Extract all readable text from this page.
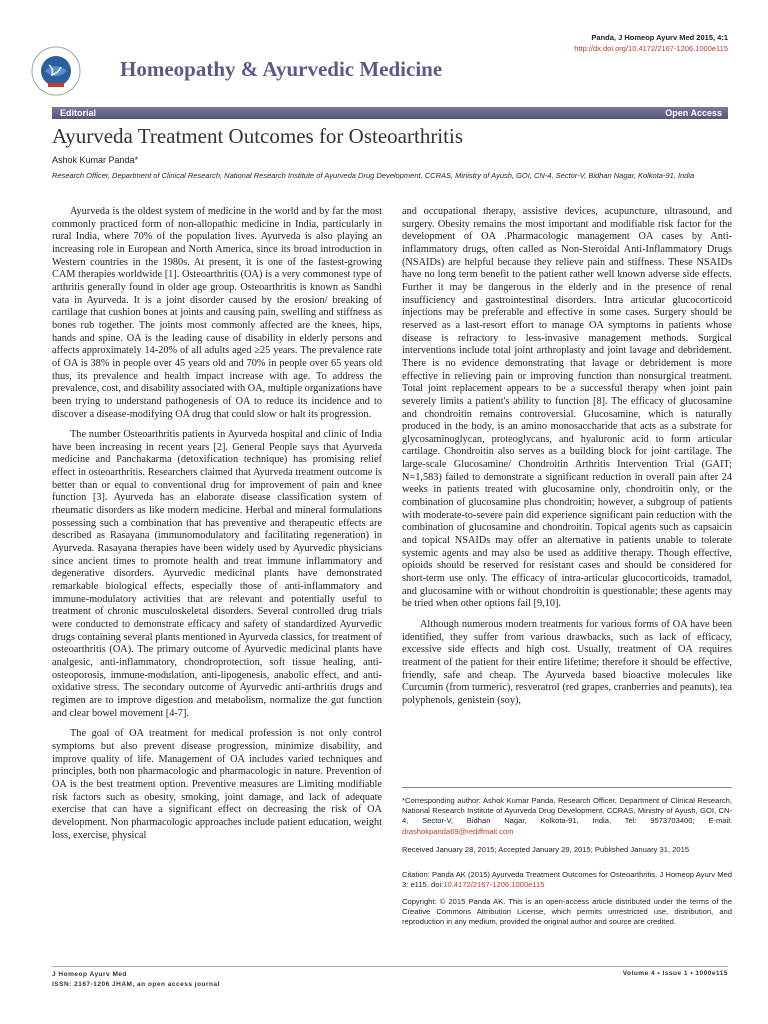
Panda, J Homeop Ayurv Med 2015, 4:1
http://dx.doi.org/10.4172/2167-1206.1000e115
Homeopathy & Ayurvedic Medicine
Editorial	Open Access
Ayurveda Treatment Outcomes for Osteoarthritis
Ashok Kumar Panda*
Research Officer, Department of Clinical Research, National Research Institute of Ayurveda Drug Development, CCRAS, Ministry of Ayush, GOI, CN-4, Sector-V, Bidhan Nagar, Kolkota-91, India

Ayurveda is the oldest system of medicine in the world and by far the most commonly practiced form of non-allopathic medicine in India, particularly in rural India, where 70% of the population lives. Ayurveda is also playing an increasing role in European and North America, since its broad introduction in Western countries in the 1980s. At present, it is one of the fastest-growing CAM therapies worldwide [1]. Osteoarthritis (OA) is a very commonest type of arthritis generally found in older age group. Osteoarthritis is known as Sandhi vata in Ayurveda. It is a joint disorder caused by the erosion/ breaking of cartilage that cushion bones at joints and causing pain, swelling and stiffness as bones rub together. The joints most commonly affected are the knees, hips, hands and spine. OA is the leading cause of disability in elderly persons and affects approximately 14-20% of all adults aged ≥25 years. The prevalence rate of OA is 38% in people over 45 years old and 70% in people over 65 years old thus, its prevalence and health impact increase with age. To address the prevalence, cost, and disability associated with OA, multiple organizations have been trying to understand pathogenesis of OA to reduce its incidence and to discover a disease-modifying OA drug that could slow or halt its progression.

The number Osteoarthritis patients in Ayurveda hospital and clinic of India have been increasing in recent years [2]. General People says that Ayurveda medicine and Panchakarma (detoxification technique) has promising relief effect in osteoarthritis. Researchers claimed that Ayurveda treatment outcome is better than or equal to conventional drug for improvement of pain and knee function [3]. Ayurveda has an elaborate disease classification system of rheumatic disorders as like modern medicine. Herbal and mineral formulations possessing such a combination that has preventive and therapeutic effects are described as Rasayana (immunomodulatory and facilitating regeneration) in Ayurveda. Rasayana therapies have been widely used by Ayurvedic physicians since ancient times to promote health and treat immune inflammatory and degenerative disorders. Ayurvedic medicinal plants have demonstrated remarkable biological effects, especially those of anti-inflammatory and immune-modulatory activities that are relevant and potentially useful to treatment of chronic musculoskeletal disorders. Several controlled drug trials were conducted to demonstrate efficacy and safety of standardized Ayurvedic drugs containing several plants mentioned in Ayurveda classics, for treatment of osteoarthritis (OA). The primary outcome of Ayurvedic medicinal plants have analgesic, anti-inflammatory, chondroprotection, soft tissue healing, anti-osteoporosis, immune-modulation, anti-lipogenesis, anabolic effect, and anti-oxidative stress. The secondary outcome of Ayurvedic anti-arthritis drugs and regimen are to improve digestion and metabolism, normalize the gut function and clear bowel movement [4-7].

The goal of OA treatment for medical profession is not only control symptoms but also prevent disease progression, minimize disability, and improve quality of life. Management of OA includes varied techniques and principles, both non pharmacologic and pharmacologic in nature. Prevention of OA is the best treatment option. Preventive measures are Limiting modifiable risk factors such as obesity, smoking, joint damage, and lack of adequate exercise that can have a significant effect on decreasing the risk of OA development. Non pharmacologic approaches include patient education, weight loss, exercise, physical

and occupational therapy, assistive devices, acupuncture, ultrasound, and surgery. Obesity remains the most important and modifiable risk factor for the development of OA .Pharmacologic management OA cases by Anti-inflammatory drugs, often called as Non-Steroidal Anti-Inflammatory Drugs (NSAIDs) are helpful because they relieve pain and stiffness. These NSAIDs have no long term benefit to the patient rather well known adverse side effects. Further it may be dangerous in the elderly and in the presence of renal insufficiency and gastrointestinal disorders. Intra articular glucocorticoid injections may be preferable and effective in some cases. Surgery should be reserved as a last-resort effort to manage OA symptoms in patients whose disease is refractory to less-invasive management methods. Surgical interventions include total joint arthroplasty and joint lavage and debridement. There is no evidence demonstrating that lavage or debridement is more effective in relieving pain or improving function than nonsurgical treatment. Total joint replacement appears to be a successful therapy when joint pain severely limits a patient's ability to function [8]. The efficacy of glucosamine and chondroitin remains controversial. Glucosamine, which is naturally produced in the body, is an amino monosaccharide that acts as a substrate for glycosaminoglycan, proteoglycans, and hyaluronic acid to form articular cartilage. Chondroitin also serves as a building block for joint cartilage. The large-scale Glucosamine/ Chondroitin Arthritis Intervention Trial (GAIT; N=1,583) failed to demonstrate a significant reduction in overall pain after 24 weeks in patients treated with glucosamine only, chondroitin only, or the combination of glucosamine plus chondroitin; however, a subgroup of patients with moderate-to-severe pain did experience significant pain reduction with the combination of glucosamine and chondroitin. Topical agents such as capsaicin and topical NSAIDs may offer an alternative in patients unable to tolerate systemic agents and may also be used as additive therapy. Though effective, opioids should be reserved for resistant cases and should be considered for short-term use only. The efficacy of intra-articular glucocorticoids, tramadol, and glucosamine with or without chondroitin is questionable; these agents may be tried when other options fail [9,10].

Although numerous modern treatments for various forms of OA have been identified, they suffer from various drawbacks, such as lack of efficacy, excessive side effects and high cost. Usually, treatment of OA requires treatment of the patient for their entire lifetime; therefore it should be effective, friendly, safe and cheap. The Ayurveda based bioactive molecules like Curcumin (from turmeric), resveratrol (red grapes, cranberries and peanuts), tea polyphenols, genistein (soy),

*Corresponding author: Ashok Kumar Panda, Research Officer, Department of Clinical Research, National Research Institute of Ayurveda Drug Development, CCRAS, Ministry of Ayush, GOI, CN-4, Sector-V, Bidhan Nagar, Kolkota-91, India, Tel: 9573703400; E-mail: drashokpanda69@rediffmail.com
Received January 28, 2015; Accepted January 29, 2015; Published January 31, 2015
Citation: Panda AK (2015) Ayurveda Treatment Outcomes for Osteoarthritis. J Homeop Ayurv Med 3: e115. doi:10.4172/2167-1206.1000e115
Copyright: © 2015 Panda AK. This is an open-access article distributed under the terms of the Creative Commons Attribution License, which permits unrestricted use, distribution, and reproduction in any medium, provided the original author and source are credited.
J Homeop Ayurv Med
ISSN: 2167-1206 JHAM, an open access journal
Volume 4 • Issue 1 • 1000e115
